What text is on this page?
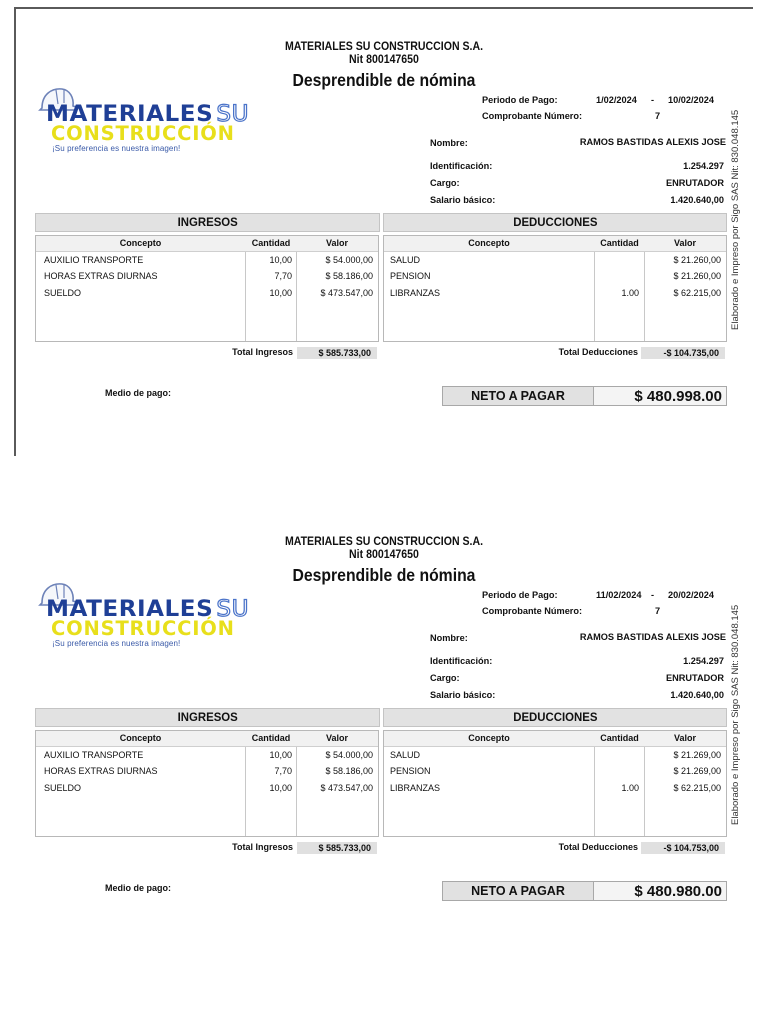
MATERIALES SU CONSTRUCCION S.A.
Nit 800147650
Desprendible de nómina
MATERIALES SU
CONSTRUCCIÓN
¡Su preferencia es nuestra imagen!
Periodo de Pago:	1/02/2024 - 10/02/2024
Comprobante Número:	7
Nombre:	RAMOS BASTIDAS ALEXIS JOSE
Identificación:	1.254.297
Cargo:	ENRUTADOR
Salario básico:	1.420.640,00 Elaborado e Impreso por Sigo SAS Nit: 830.048.145
INGRESOS
Concepto	Cantidad	Valor
AUXILIO TRANSPORTE	10,00	$ 54.000,00
HORAS EXTRAS DIURNAS	7,70	$ 58.186,00
SUELDO	10,00	$ 473.547,00
Total Ingresos	$ 585.733,00
DEDUCCIONES
Concepto	Cantidad	Valor
SALUD	$ 21.260,00
PENSION	$ 21.260,00
LIBRANZAS	1.00	$ 62.215,00
Total Deducciones	-$ 104.735,00
Medio de pago:	NETO A PAGAR	$ 480.998.00
MATERIALES SU CONSTRUCCION S.A.
Nit 800147650
Desprendible de nómina
MATERIALES SU
CONSTRUCCIÓN
¡Su preferencia es nuestra imagen!
Periodo de Pago:	11/02/2024 - 20/02/2024
Comprobante Número:	7
Nombre:	RAMOS BASTIDAS ALEXIS JOSE
Identificación:	1.254.297
Cargo:	ENRUTADOR
Salario básico:	1.420.640,00 Elaborado e Impreso por Sigo SAS Nit: 830.048.145
INGRESOS
Concepto	Cantidad	Valor
AUXILIO TRANSPORTE	10,00	$ 54.000,00
HORAS EXTRAS DIURNAS	7,70	$ 58.186,00
SUELDO	10,00	$ 473.547,00
Total Ingresos	$ 585.733,00
DEDUCCIONES
Concepto	Cantidad	Valor
SALUD	$ 21.269,00
PENSION	$ 21.269,00
LIBRANZAS	1.00	$ 62.215,00
Total Deducciones	-$ 104.753,00
Medio de pago:	NETO A PAGAR	$ 480.980.00
